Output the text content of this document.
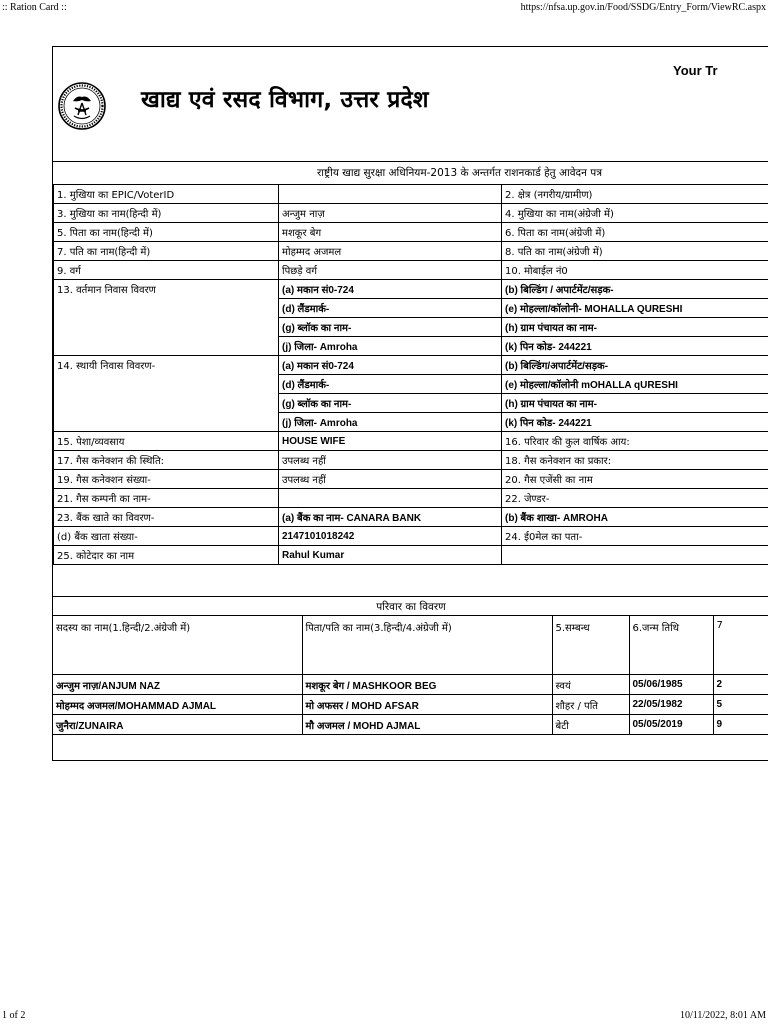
:: Ration Card ::	https://nfsa.up.gov.in/Food/SSDG/Entry_Form/ViewRC.aspx
Your Tr
खाद्य एवं रसद विभाग, उत्तर प्रदेश
राष्ट्रीय खाद्य सुरक्षा अधिनियम-2013 के अन्तर्गत राशनकार्ड हेतु आवेदन पत्र
1. मुखिया का EPIC/VoterID		2. क्षेत्र (नगरीय/ग्रामीण)
3. मुखिया का नाम(हिन्दी में)	अन्जुम नाज़	4. मुखिया का नाम(अंग्रेजी में)
5. पिता का नाम(हिन्दी में)	मशकूर बेग	6. पिता का नाम(अंग्रेजी में)
7. पति का नाम(हिन्दी में)	मोहम्मद अजमल	8. पति का नाम(अंग्रेजी में)
9. वर्ग	पिछड़े वर्ग	10. मोबाईल नं0
13. वर्तमान निवास विवरण	(a) मकान सं0-724	(b) बिल्डिंग / अपार्टमेंट/सड़क-
	(d) लैंडमार्क-	(e) मोहल्ला/कॉलोनी- MOHALLA QURESHI
	(g) ब्लॉक का नाम-	(h) ग्राम पंचायत का नाम-
	(j) जिला- Amroha	(k) पिन कोड- 244221
14. स्थायी निवास विवरण-	(a) मकान सं0-724	(b) बिल्डिंग/अपार्टमेंट/सड़क-
	(d) लैंडमार्क-	(e) मोहल्ला/कॉलोनी mOHALLA qURESHI
	(g) ब्लॉक का नाम-	(h) ग्राम पंचायत का नाम-
	(j) जिला- Amroha	(k) पिन कोड- 244221
15. पेशा/व्यवसाय	HOUSE WIFE	16. परिवार की कुल वार्षिक आय:
17. गैस कनेक्शन की स्थिति:	उपलब्ध नहीं	18. गैस कनेक्शन का प्रकार:
19. गैस कनेक्शन संख्या-	उपलब्ध नहीं	20. गैस एजेंसी का नाम
21. गैस कम्पनी का नाम-		22. जेण्डर-
23. बैंक खाते का विवरण-	(a) बैंक का नाम- CANARA BANK	(b) बैंक शाखा- AMROHA
(d) बैंक खाता संख्या-	2147101018242	24. ई0मेल का पता-
25. कोटेदार का नाम	Rahul Kumar	
परिवार का विवरण
सदस्य का नाम(1.हिन्दी/2.अंग्रेजी में)	पिता/पति का नाम(3.हिन्दी/4.अंग्रेजी में)	5.सम्बन्ध	6.जन्म तिथि	7
अन्जुम नाज़/ANJUM NAZ	मशकूर बेग / MASHKOOR BEG	स्वयं	05/06/1985	2
मोहम्मद अजमल/MOHAMMAD AJMAL	मो अफसर / MOHD AFSAR	शौहर / पति	22/05/1982	5
जुनैरा/ZUNAIRA	मौ अजमल / MOHD AJMAL	बेटी	05/05/2019	9
1 of 2	10/11/2022, 8:01 AM
